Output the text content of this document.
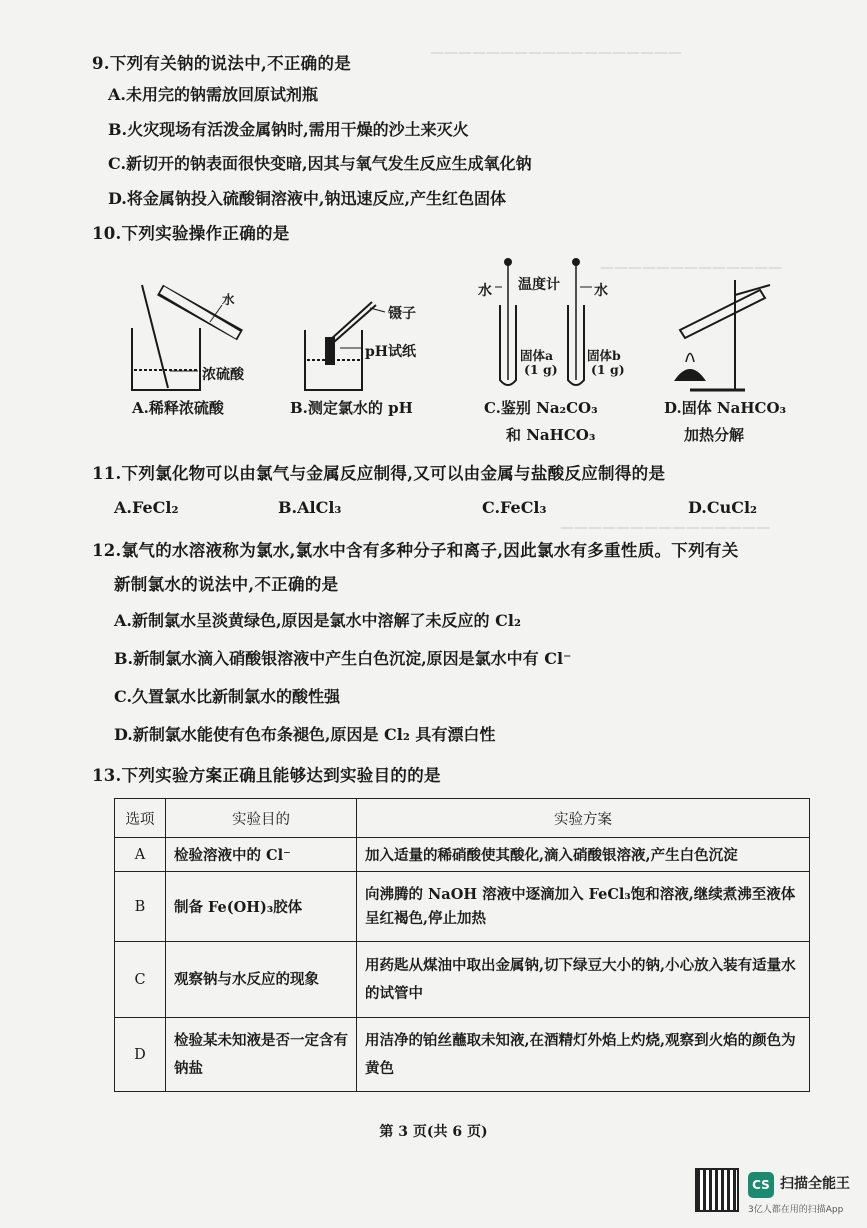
——————————————————
—————————————
———————————————
9.下列有关钠的说法中,不正确的是
A.未用完的钠需放回原试剂瓶
B.火灾现场有活泼金属钠时,需用干燥的沙土来灭火
C.新切开的钠表面很快变暗,因其与氧气发生反应生成氧化钠
D.将金属钠投入硫酸铜溶液中,钠迅速反应,产生红色固体
10.下列实验操作正确的是
水
浓硫酸
镊子
pH试纸
水 温度计 水
固体a
(1 g)
固体b
(1 g)
A.稀释浓硫酸	B.测定氯水的 pH	C.鉴别 Na₂CO₃
和 NaHCO₃
D.固体 NaHCO₃
加热分解
11.下列氯化物可以由氯气与金属反应制得,又可以由金属与盐酸反应制得的是
A.FeCl₂	B.AlCl₃	C.FeCl₃	D.CuCl₂
12.氯气的水溶液称为氯水,氯水中含有多种分子和离子,因此氯水有多重性质。下列有关
新制氯水的说法中,不正确的是
A.新制氯水呈淡黄绿色,原因是氯水中溶解了未反应的 Cl₂
B.新制氯水滴入硝酸银溶液中产生白色沉淀,原因是氯水中有 Cl⁻
C.久置氯水比新制氯水的酸性强
D.新制氯水能使有色布条褪色,原因是 Cl₂ 具有漂白性
13.下列实验方案正确且能够达到实验目的的是
选项	实验目的	实验方案
A	检验溶液中的 Cl⁻	加入适量的稀硝酸使其酸化,滴入硝酸银溶液,产生白色沉淀
B	制备 Fe(OH)₃胶体	向沸腾的 NaOH 溶液中逐滴加入 FeCl₃饱和溶液,继续煮沸至液体呈红褐色,停止加热
C	观察钠与水反应的现象	用药匙从煤油中取出金属钠,切下绿豆大小的钠,小心放入装有适量水的试管中
D	检验某未知液是否一定含有钠盐	用洁净的铂丝蘸取未知液,在酒精灯外焰上灼烧,观察到火焰的颜色为黄色
第 3 页(共 6 页)
CS 扫描全能王
3亿人都在用的扫描App
